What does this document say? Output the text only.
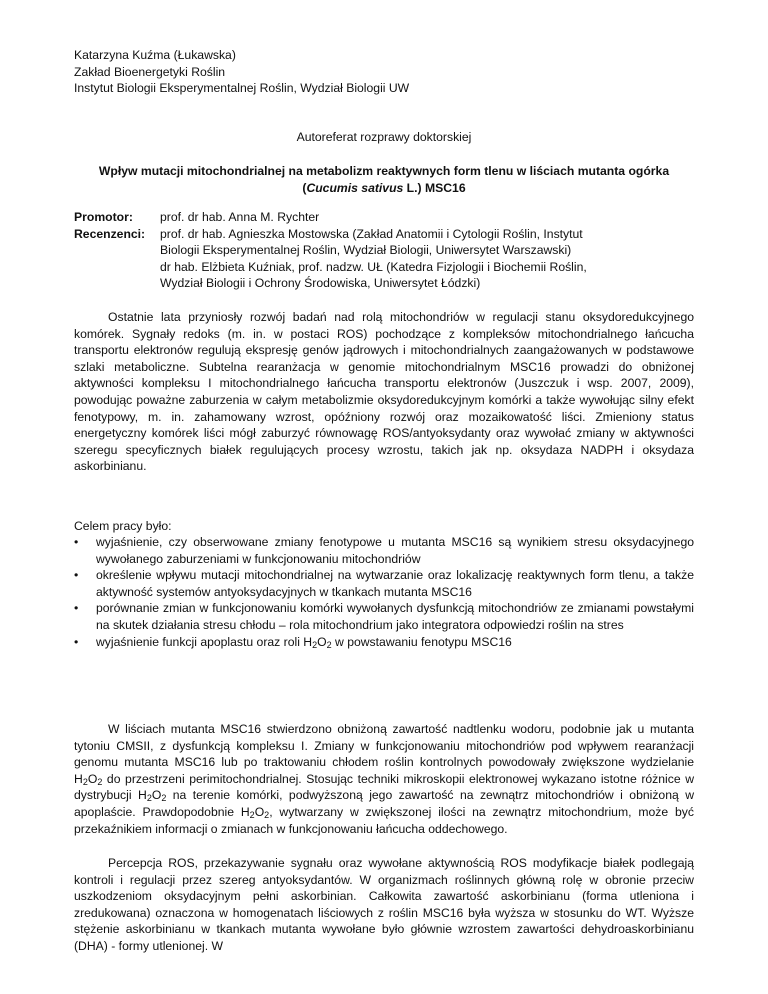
Katarzyna Kuźma (Łukawska)
Zakład Bioenergetyki Roślin
Instytut Biologii Eksperymentalnej Roślin, Wydział Biologii UW
Autoreferat rozprawy doktorskiej
Wpływ mutacji mitochondrialnej na metabolizm reaktywnych form tlenu w liściach mutanta ogórka (Cucumis sativus L.) MSC16
Promotor:	prof. dr hab. Anna M. Rychter
Recenzenci:	prof. dr hab. Agnieszka Mostowska (Zakład Anatomii i Cytologii Roślin, Instytut
Biologii Eksperymentalnej Roślin, Wydział Biologii, Uniwersytet Warszawski)
dr hab. Elżbieta Kuźniak, prof. nadzw. UŁ (Katedra Fizjologii i Biochemii Roślin,
Wydział Biologii i Ochrony Środowiska, Uniwersytet Łódzki)

Ostatnie lata przyniosły rozwój badań nad rolą mitochondriów w regulacji stanu oksydoredukcyjnego komórek. Sygnały redoks (m. in. w postaci ROS) pochodzące z kompleksów mitochondrialnego łańcucha transportu elektronów regulują ekspresję genów jądrowych i mitochondrialnych zaangażowanych w podstawowe szlaki metaboliczne. Subtelna rearanżacja w genomie mitochondrialnym MSC16 prowadzi do obniżonej aktywności kompleksu I mitochondrialnego łańcucha transportu elektronów (Juszczuk i wsp. 2007, 2009), powodując poważne zaburzenia w całym metabolizmie oksydoredukcyjnym komórki a także wywołując silny efekt fenotypowy, m. in. zahamowany wzrost, opóźniony rozwój oraz mozaikowatość liści. Zmieniony status energetyczny komórek liści mógł zaburzyć równowagę ROS/antyoksydanty oraz wywołać zmiany w aktywności szeregu specyficznych białek regulujących procesy wzrostu, takich jak np. oksydaza NADPH i oksydaza askorbinianu.

Celem pracy było:
•	wyjaśnienie, czy obserwowane zmiany fenotypowe u mutanta MSC16 są wynikiem stresu oksydacyjnego wywołanego zaburzeniami w funkcjonowaniu mitochondriów
•	określenie wpływu mutacji mitochondrialnej na wytwarzanie oraz lokalizację reaktywnych form tlenu, a także aktywność systemów antyoksydacyjnych w tkankach mutanta MSC16
•	porównanie zmian w funkcjonowaniu komórki wywołanych dysfunkcją mitochondriów ze zmianami powstałymi na skutek działania stresu chłodu – rola mitochondrium jako integratora odpowiedzi roślin na stres
•	wyjaśnienie funkcji apoplastu oraz roli $H_2O_2$ w powstawaniu fenotypu MSC16

W liściach mutanta MSC16 stwierdzono obniżoną zawartość nadtlenku wodoru, podobnie jak u mutanta tytoniu CMSII, z dysfunkcją kompleksu I. Zmiany w funkcjonowaniu mitochondriów pod wpływem rearanżacji genomu mutanta MSC16 lub po traktowaniu chłodem roślin kontrolnych powodowały zwiększone wydzielanie $H_2O_2$ do przestrzeni perimitochondrialnej. Stosując techniki mikroskopii elektronowej wykazano istotne różnice w dystrybucji $H_2O_2$ na terenie komórki, podwyższoną jego zawartość na zewnątrz mitochondriów i obniżoną w apoplaście. Prawdopodobnie $H_2O_2$, wytwarzany w zwiększonej ilości na zewnątrz mitochondrium, może być przekaźnikiem informacji o zmianach w funkcjonowaniu łańcucha oddechowego.

Percepcja ROS, przekazywanie sygnału oraz wywołane aktywnością ROS modyfikacje białek podlegają kontroli i regulacji przez szereg antyoksydantów. W organizmach roślinnych główną rolę w obronie przeciw uszkodzeniom oksydacyjnym pełni askorbinian. Całkowita zawartość askorbinianu (forma utleniona i zredukowana) oznaczona w homogenatach liściowych z roślin MSC16 była wyższa w stosunku do WT. Wyższe stężenie askorbinianu w tkankach mutanta wywołane było głównie wzrostem zawartości dehydroaskorbinianu (DHA) - formy utlenionej. W
